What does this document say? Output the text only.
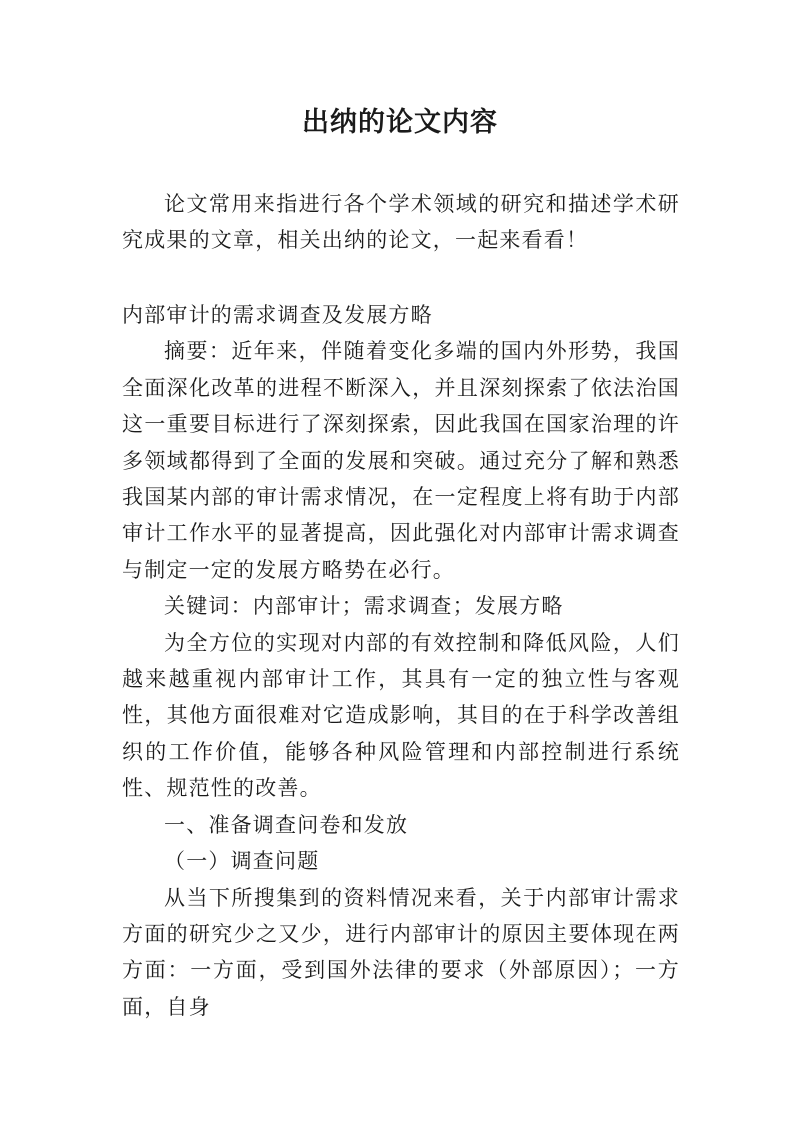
出纳的论文内容

论文常用来指进行各个学术领域的研究和描述学术研究成果的文章，相关出纳的论文，一起来看看！

内部审计的需求调查及发展方略

摘要：近年来，伴随着变化多端的国内外形势，我国全面深化改革的进程不断深入，并且深刻探索了依法治国这一重要目标进行了深刻探索，因此我国在国家治理的许多领域都得到了全面的发展和突破。通过充分了解和熟悉我国某内部的审计需求情况，在一定程度上将有助于内部审计工作水平的显著提高，因此强化对内部审计需求调查与制定一定的发展方略势在必行。

关键词：内部审计；需求调查；发展方略

为全方位的实现对内部的有效控制和降低风险，人们越来越重视内部审计工作，其具有一定的独立性与客观性，其他方面很难对它造成影响，其目的在于科学改善组织的工作价值，能够各种风险管理和内部控制进行系统性、规范性的改善。

一、准备调查问卷和发放

（一）调查问题

从当下所搜集到的资料情况来看，关于内部审计需求方面的研究少之又少，进行内部审计的原因主要体现在两方面：一方面，受到国外法律的要求（外部原因）；一方面，自身
